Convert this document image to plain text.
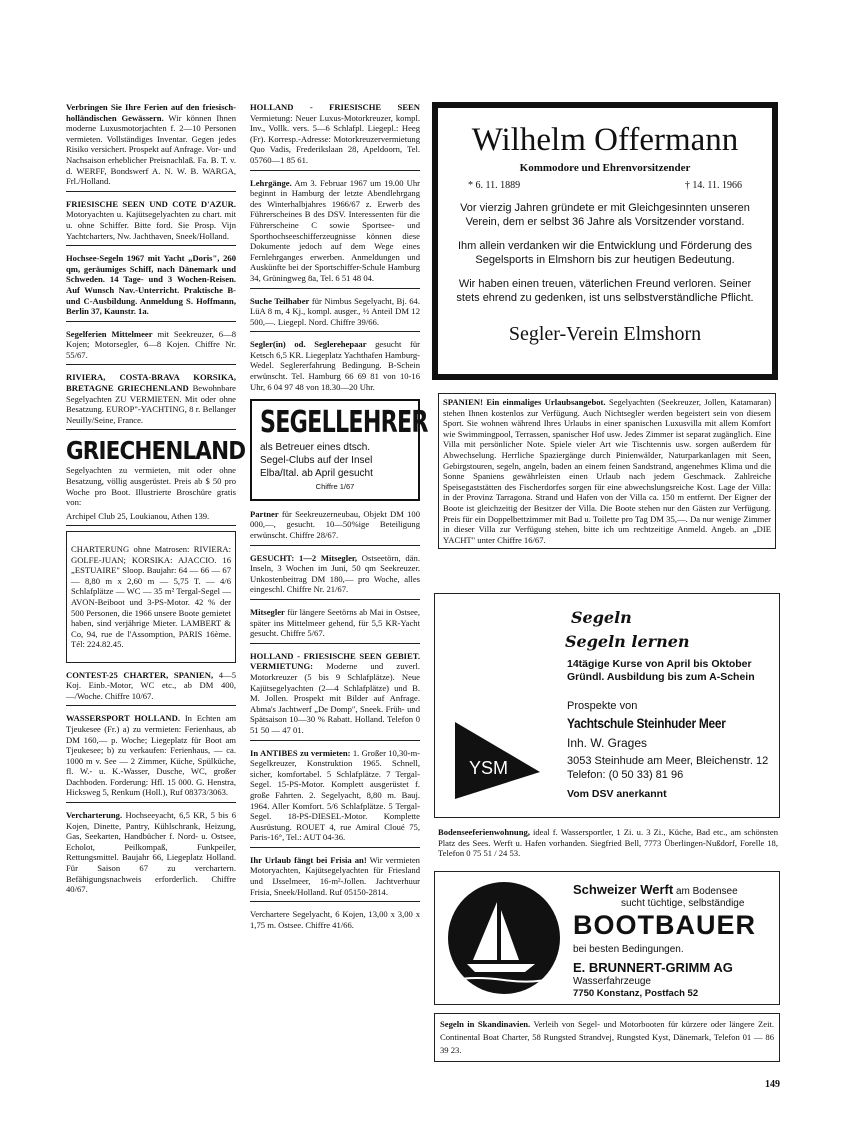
Verbringen Sie Ihre Ferien auf den friesisch-holländischen Gewässern. Wir können Ihnen moderne Luxusmotorjachten f. 2—10 Personen vermieten. Vollständiges Inventar. Gegen jedes Risiko versichert. Prospekt auf Anfrage. Vor- und Nachsaison erheblicher Preisnachlaß. Fa. B. T. v. d. WERFF, Bondswerf A. N. W. B. WARGA, Frl./Holland.

FRIESISCHE SEEN UND COTE D'AZUR. Motoryachten u. Kajütsegelyachten zu chart. mit u. ohne Schiffer. Bitte ford. Sie Prosp. Vijn Yachtcharters, Nw. Jachthaven, Sneek/Holland.

Hochsee-Segeln 1967 mit Yacht „Doris", 260 qm, geräumiges Schiff, nach Dänemark und Schweden. 14 Tage- und 3 Wochen-Reisen. Auf Wunsch Nav.-Unterricht. Praktische B- und C-Ausbildung. Anmeldung S. Hoffmann, Berlin 37, Kaunstr. 1a.

Segelferien Mittelmeer mit Seekreuzer, 6—8 Kojen; Motorsegler, 6—8 Kojen. Chiffre Nr. 55/67.

RIVIERA, COSTA-BRAVA KORSIKA, BRETAGNE GRIECHENLAND Bewohnbare Segelyachten ZU VERMIETEN. Mit oder ohne Besatzung. EUROP"-YACHTING, 8 r. Bellanger Neuilly/Seine, France.

GRIECHENLAND

Segelyachten zu vermieten, mit oder ohne Besatzung, völlig ausgerüstet. Preis ab $ 50 pro Woche pro Boot. Illustrierte Broschüre gratis von:

Archipel Club 25, Loukianou, Athen 139.

CHARTERUNG ohne Matrosen: RIVIERA: GOLFE-JUAN; KORSIKA: AJACCIO. 16 „ESTUAIRE" Sloop. Baujahr: 64 — 66 — 67 — 8,80 m x 2,60 m — 5,75 T. — 4/6 Schlafplätze — WC — 35 m² Tergal-Segel — AVON-Beiboot und 3-PS-Motor. 42 % der 500 Personen, die 1966 unsere Boote gemietet haben, sind verjährige Mieter. LAMBERT & Co, 94, rue de l'Assomption, PARIS 16ème. Tél: 224.82.45.

CONTEST-25 CHARTER, SPANIEN, 4—5 Koj. Einb.-Motor, WC etc., ab DM 400,—/Woche. Chiffre 10/67.

WASSERSPORT HOLLAND. In Echten am Tjeukesee (Fr.) a) zu vermieten: Ferienhaus, ab DM 160,— p. Woche; Liegeplatz für Boot am Tjeukesee; b) zu verkaufen: Ferienhaus, — ca. 1000 m v. See — 2 Zimmer, Küche, Spülküche, fl. W.- u. K.-Wasser, Dusche, WC, großer Dachboden. Forderung: Hfl. 15 000. G. Henstra, Hicksweg 5, Renkum (Holl.), Ruf 08373/3063.

Vercharterung. Hochseeyacht, 6,5 KR, 5 bis 6 Kojen, Dinette, Pantry, Kühlschrank, Heizung, Gas, Seekarten, Handbücher f. Nord- u. Ostsee, Echolot, Peilkompaß, Funkpeiler, Rettungsmittel. Baujahr 66, Liegeplatz Holland. Für Saison 67 zu verchartern. Befähigungsnachweis erforderlich. Chiffre 40/67.

HOLLAND - FRIESISCHE SEEN Vermietung: Neuer Luxus-Motorkreuzer, kompl. Inv., Vollk. vers. 5—6 Schlafpl. Liegepl.: Heeg (Fr). Korresp.-Adresse: Motorkreuzervermietung Quo Vadis, Frederikslaan 28, Apeldoorn, Tel. 05760—1 85 61.

Lehrgänge. Am 3. Februar 1967 um 19.00 Uhr beginnt in Hamburg der letzte Abendlehrgang des Winterhalbjahres 1966/67 z. Erwerb des Führerscheines B des DSV. Interessenten für die Führerscheine C sowie Sportsee- und Sporthochseeschifferzeugnisse können diese Dokumente jedoch auf dem Wege eines Fernlehrganges erwerben. Anmeldungen und Auskünfte bei der Sportschiffer-Schule Hamburg 34, Grüningweg 8a, Tel. 6 51 48 04.

Suche Teilhaber für Nimbus Segelyacht, Bj. 64. LüA 8 m, 4 Kj., kompl. ausger., ½ Anteil DM 12 500,—. Liegepl. Nord. Chiffre 39/66.

Segler(in) od. Seglerehepaar gesucht für Ketsch 6,5 KR. Liegeplatz Yachthafen Hamburg-Wedel. Seglererfahrung Bedingung. B-Schein erwünscht. Tel. Hamburg 66 69 81 von 10-16 Uhr, 6 04 97 48 von 18.30—20 Uhr.

SEGELLEHRER
als Betreuer eines dtsch.
Segel-Clubs auf der Insel
Elba/Ital. ab April gesucht
Chiffre 1/67

Partner für Seekreuzerneubau, Objekt DM 100 000,—, gesucht. 10—50%ige Beteiligung erwünscht. Chiffre 28/67.

GESUCHT: 1—2 Mitsegler, Ostseetörn, dän. Inseln, 3 Wochen im Juni, 50 qm Seekreuzer. Unkostenbeitrag DM 180,— pro Woche, alles eingeschl. Chiffre Nr. 21/67.

Mitsegler für längere Seetörns ab Mai in Ostsee, später ins Mittelmeer gehend, für 5,5 KR-Yacht gesucht. Chiffre 5/67.

HOLLAND - FRIESISCHE SEEN GEBIET. VERMIETUNG: Moderne und zuverl. Motorkreuzer (5 bis 9 Schlafplätze). Neue Kajütsegelyachten (2—4 Schlafplätze) und B. M. Jollen. Prospekt mit Bilder auf Anfrage. Abma's Jachtwerf „De Domp", Sneek. Früh- und Spätsaison 10—30 % Rabatt. Holland. Telefon 0 51 50 — 47 01.

In ANTIBES zu vermieten: 1. Großer 10,30-m-Segelkreuzer, Konstruktion 1965. Schnell, sicher, komfortabel. 5 Schlafplätze. 7 Tergal-Segel. 15-PS-Motor. Komplett ausgerüstet f. große Fahrten. 2. Segelyacht, 8,80 m. Bauj. 1964. Aller Komfort. 5/6 Schlafplätze. 5 Tergal-Segel. 18-PS-DIESEL-Motor. Komplette Ausrüstung. ROUET 4, rue Amiral Cloué 75, Paris-16°, Tel.: AUT 04-36.

Ihr Urlaub fängt bei Frisia an! Wir vermieten Motoryachten, Kajütsegelyachten für Friesland und IJsselmeer, 16-m²-Jollen. Jachtverhuur Frisia, Sneek/Holland. Ruf 05150-2814.

Verchartere Segelyacht, 6 Kojen, 13,00 x 3,00 x 1,75 m. Ostsee. Chiffre 41/66.

Wilhelm Offermann
Kommodore und Ehrenvorsitzender
* 6. 11. 1889	† 14. 11. 1966
Vor vierzig Jahren gründete er mit Gleichgesinnten unseren Verein, dem er selbst 36 Jahre als Vorsitzender vorstand.
Ihm allein verdanken wir die Entwicklung und Förderung des Segelsports in Elmshorn bis zur heutigen Bedeutung.
Wir haben einen treuen, väterlichen Freund verloren. Seiner stets ehrend zu gedenken, ist uns selbstverständliche Pflicht.
Segler-Verein Elmshorn

SPANIEN! Ein einmaliges Urlaubsangebot. Segelyachten (Seekreuzer, Jollen, Katamaran) stehen Ihnen kostenlos zur Verfügung. Auch Nichtsegler werden begeistert sein von diesem Sport. Sie wohnen während Ihres Urlaubs in einer spanischen Luxusvilla mit allem Komfort wie Swimmingpool, Terrassen, spanischer Hof usw. Jedes Zimmer ist separat zugänglich. Eine Villa mit persönlicher Note. Spiele vieler Art wie Tischtennis usw. sorgen außerdem für Abwechselung. Herrliche Spaziergänge durch Pinienwälder, Naturparkanlagen mit Seen, Gebirgstouren, segeln, angeln, baden an einem feinen Sandstrand, angenehmes Klima und die Sonne Spaniens gewährleisten einen Urlaub nach jedem Geschmack. Zahlreiche Speisegaststätten des Fischerdorfes sorgen für eine abwechslungsreiche Kost. Lage der Villa: in der Provinz Tarragona. Strand und Hafen von der Villa ca. 150 m entfernt. Der Eigner der Boote ist gleichzeitig der Besitzer der Villa. Die Boote stehen nur den Gästen zur Verfügung. Preis für ein Doppelbettzimmer mit Bad u. Toilette pro Tag DM 35,—. Da nur wenige Zimmer in dieser Villa zur Verfügung stehen, bitte ich um rechtzeitige Anmeld. Angeb. an „DIE YACHT" unter Chiffre 16/67.

Segeln
Segeln lernen
14tägige Kurse von April bis Oktober
Gründl. Ausbildung bis zum A-Schein
Prospekte von
Yachtschule Steinhuder Meer
Inh. W. Grages
3053 Steinhude am Meer, Bleichenstr. 12
Telefon: (0 50 33) 81 96
Vom DSV anerkannt
YSM

Bodenseeferienwohnung, ideal f. Wassersportler, 1 Zi. u. 3 Zi., Küche, Bad etc., am schönsten Platz des Sees. Werft u. Hafen vorhanden. Siegfried Bell, 7773 Überlingen-Nußdorf, Forelle 18, Telefon 0 75 51 / 24 53.

Schweizer Werft am Bodensee
sucht tüchtige, selbständige
BOOTBAUER
bei besten Bedingungen.
E. BRUNNERT-GRIMM AG
Wasserfahrzeuge
7750 Konstanz, Postfach 52

Segeln in Skandinavien. Verleih von Segel- und Motorbooten für kürzere oder längere Zeit. Continental Boat Charter, 58 Rungsted Strandvej, Rungsted Kyst, Dänemark, Telefon 01 — 86 39 23.

149
